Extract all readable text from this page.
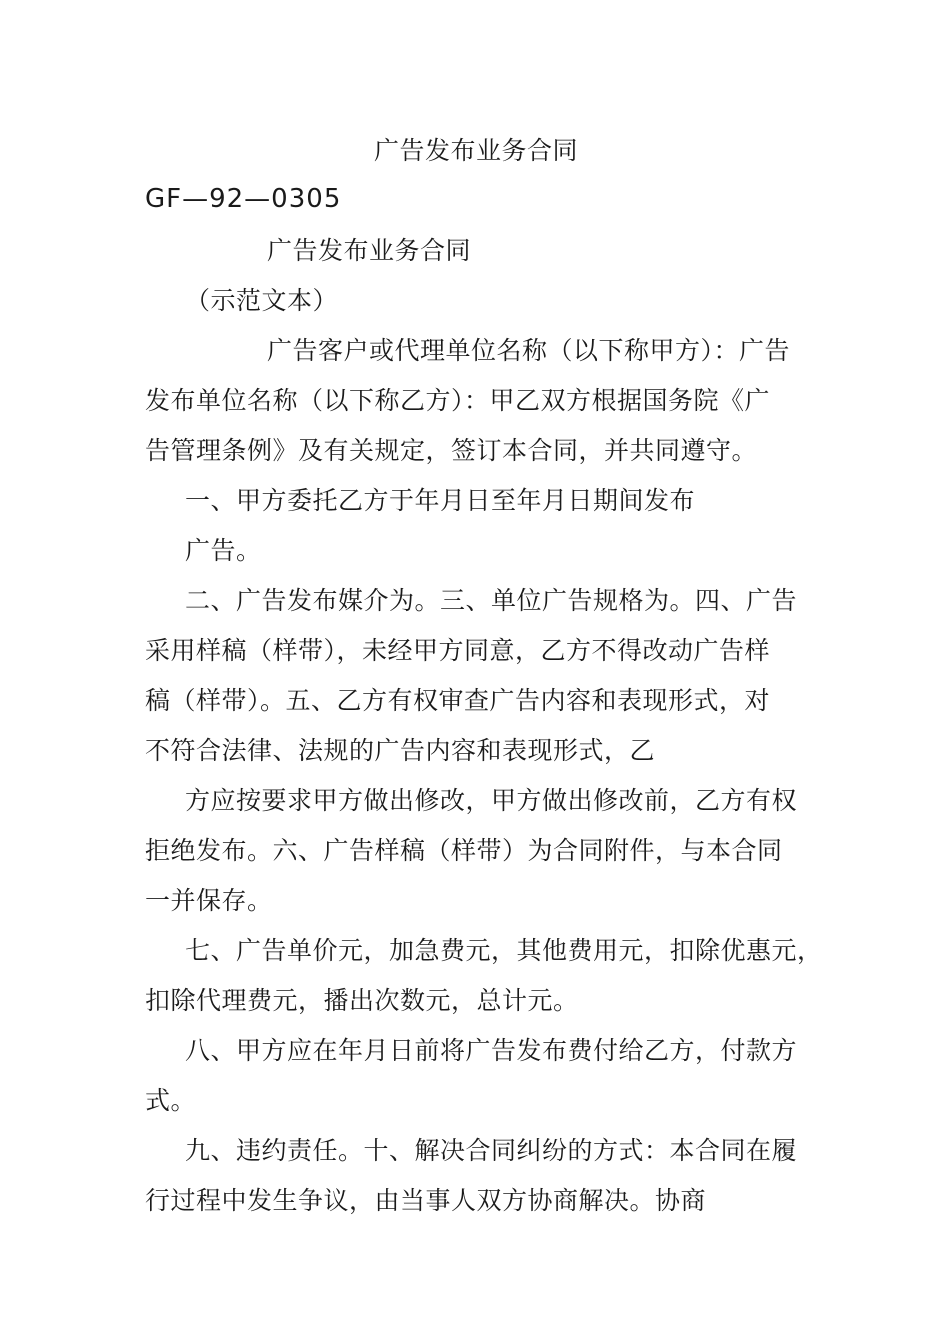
广告发布业务合同
GF—92—0305
广告发布业务合同
（示范文本）
广告客户或代理单位名称（以下称甲方）：广告
发布单位名称（以下称乙方）：甲乙双方根据国务院《广
告管理条例》及有关规定，签订本合同，并共同遵守。
一、甲方委托乙方于年月日至年月日期间发布
广告。
二、广告发布媒介为。三、单位广告规格为。四、广告
采用样稿（样带），未经甲方同意，乙方不得改动广告样
稿（样带）。五、乙方有权审查广告内容和表现形式，对
不符合法律、法规的广告内容和表现形式，乙
方应按要求甲方做出修改，甲方做出修改前，乙方有权
拒绝发布。六、广告样稿（样带）为合同附件，与本合同
一并保存。
七、广告单价元，加急费元，其他费用元，扣除优惠元，
扣除代理费元，播出次数元，总计元。
八、甲方应在年月日前将广告发布费付给乙方，付款方
式。
九、违约责任。十、解决合同纠纷的方式：本合同在履
行过程中发生争议，由当事人双方协商解决。协商
